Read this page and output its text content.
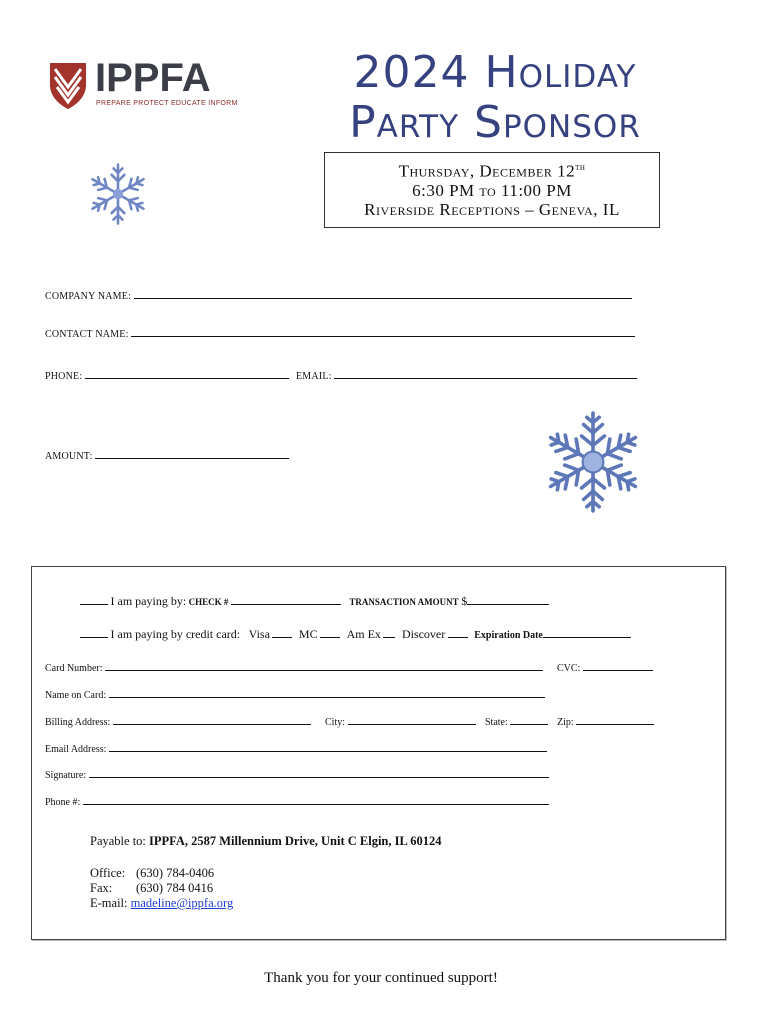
IPPFA
PREPARE PROTECT EDUCATE INFORM
2024 Holiday
Party Sponsor
Thursday, December 12th
6:30 PM to 11:00 PM
Riverside Receptions – Geneva, IL
COMPANY NAME:
CONTACT NAME:
PHONE:	EMAIL:
AMOUNT:
I am paying by: CHECK #	TRANSACTION AMOUNT $
I am paying by credit card: Visa MC Am Ex Discover	Expiration Date
Card Number:	CVC:
Name on Card:
Billing Address:	City:	State:	Zip:
Email Address:
Signature:
Phone #:
Payable to: IPPFA, 2587 Millennium Drive, Unit C Elgin, IL 60124
Office: (630) 784-0406
Fax: (630) 784 0416
E-mail: madeline@ippfa.org
Thank you for your continued support!
